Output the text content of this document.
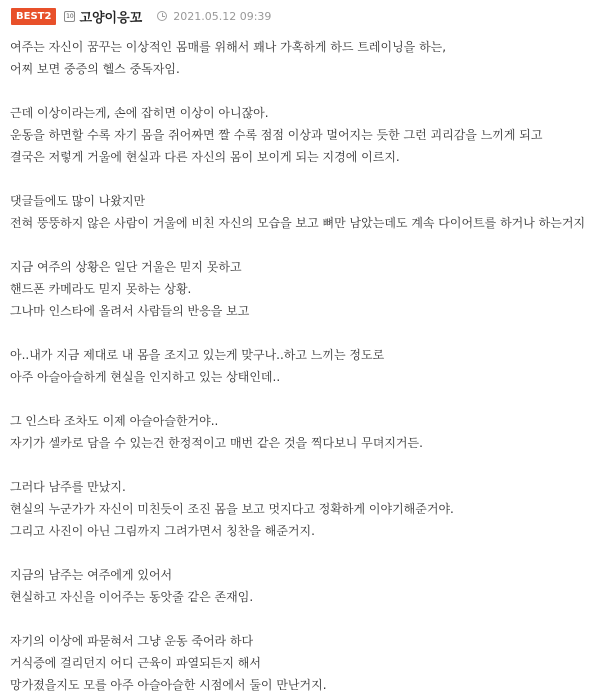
BEST2	10 고양이응꼬	2021.05.12 09:39
여주는 자신이 꿈꾸는 이상적인 몸매를 위해서 꽤나 가혹하게 하드 트레이닝을 하는,
어찌 보면 중증의 헬스 중독자임.
근데 이상이라는게, 손에 잡히면 이상이 아니잖아.
운동을 하면할 수록 자기 몸을 쥐어짜면 짤 수록 점점 이상과 멀어지는 듯한 그런 괴리감을 느끼게 되고
결국은 저렇게 거울에 현실과 다른 자신의 몸이 보이게 되는 지경에 이르지.
댓글들에도 많이 나왔지만
전혀 뚱뚱하지 않은 사람이 거울에 비친 자신의 모습을 보고 뼈만 남았는데도 계속 다이어트를 하거나 하는거지
지금 여주의 상황은 일단 거울은 믿지 못하고
핸드폰 카메라도 믿지 못하는 상황.
그나마 인스타에 올려서 사람들의 반응을 보고
아..내가 지금 제대로 내 몸을 조지고 있는게 맞구나..하고 느끼는 정도로
아주 아슬아슬하게 현실을 인지하고 있는 상태인데..
그 인스타 조차도 이제 아슬아슬한거야..
자기가 셀카로 담을 수 있는건 한정적이고 매번 같은 것을 찍다보니 무뎌지거든.
그러다 남주를 만났지.
현실의 누군가가 자신이 미친듯이 조진 몸을 보고 멋지다고 정확하게 이야기해준거야.
그리고 사진이 아닌 그림까지 그려가면서 칭찬을 해준거지.
지금의 남주는 여주에게 있어서
현실하고 자신을 이어주는 동앗줄 같은 존재임.
자기의 이상에 파묻혀서 그냥 운동 죽어라 하다
거식증에 걸리던지 어디 근육이 파열되든지 해서
망가졌을지도 모를 아주 아슬아슬한 시점에서 둘이 만난거지.
